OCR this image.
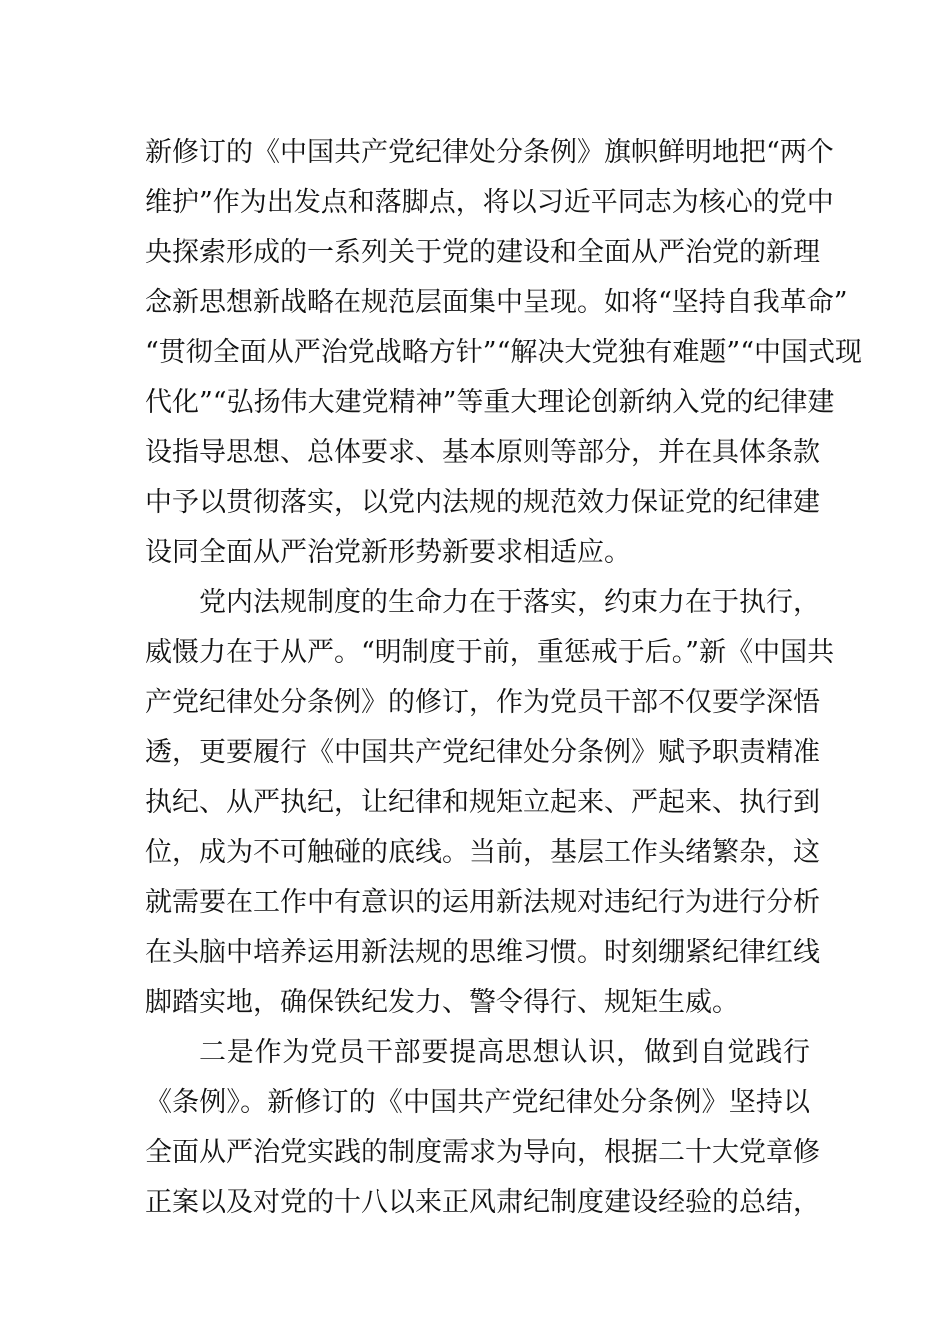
新修订的《中国共产党纪律处分条例》旗帜鲜明地把“两个
维护”作为出发点和落脚点，将以习近平同志为核心的党中
央探索形成的一系列关于党的建设和全面从严治党的新理
念新思想新战略在规范层面集中呈现。如将“坚持自我革命”
“贯彻全面从严治党战略方针”“解决大党独有难题”“中国式现
代化”“弘扬伟大建党精神”等重大理论创新纳入党的纪律建
设指导思想、总体要求、基本原则等部分，并在具体条款
中予以贯彻落实，以党内法规的规范效力保证党的纪律建
设同全面从严治党新形势新要求相适应。
党内法规制度的生命力在于落实，约束力在于执行，
威慑力在于从严。“明制度于前，重惩戒于后。”新《中国共
产党纪律处分条例》的修订，作为党员干部不仅要学深悟
透，更要履行《中国共产党纪律处分条例》赋予职责精准
执纪、从严执纪，让纪律和规矩立起来、严起来、执行到
位，成为不可触碰的底线。当前，基层工作头绪繁杂，这
就需要在工作中有意识的运用新法规对违纪行为进行分析
在头脑中培养运用新法规的思维习惯。时刻绷紧纪律红线
脚踏实地，确保铁纪发力、警令得行、规矩生威。
二是作为党员干部要提高思想认识，做到自觉践行
《条例》。新修订的《中国共产党纪律处分条例》坚持以
全面从严治党实践的制度需求为导向，根据二十大党章修
正案以及对党的十八以来正风肃纪制度建设经验的总结，
